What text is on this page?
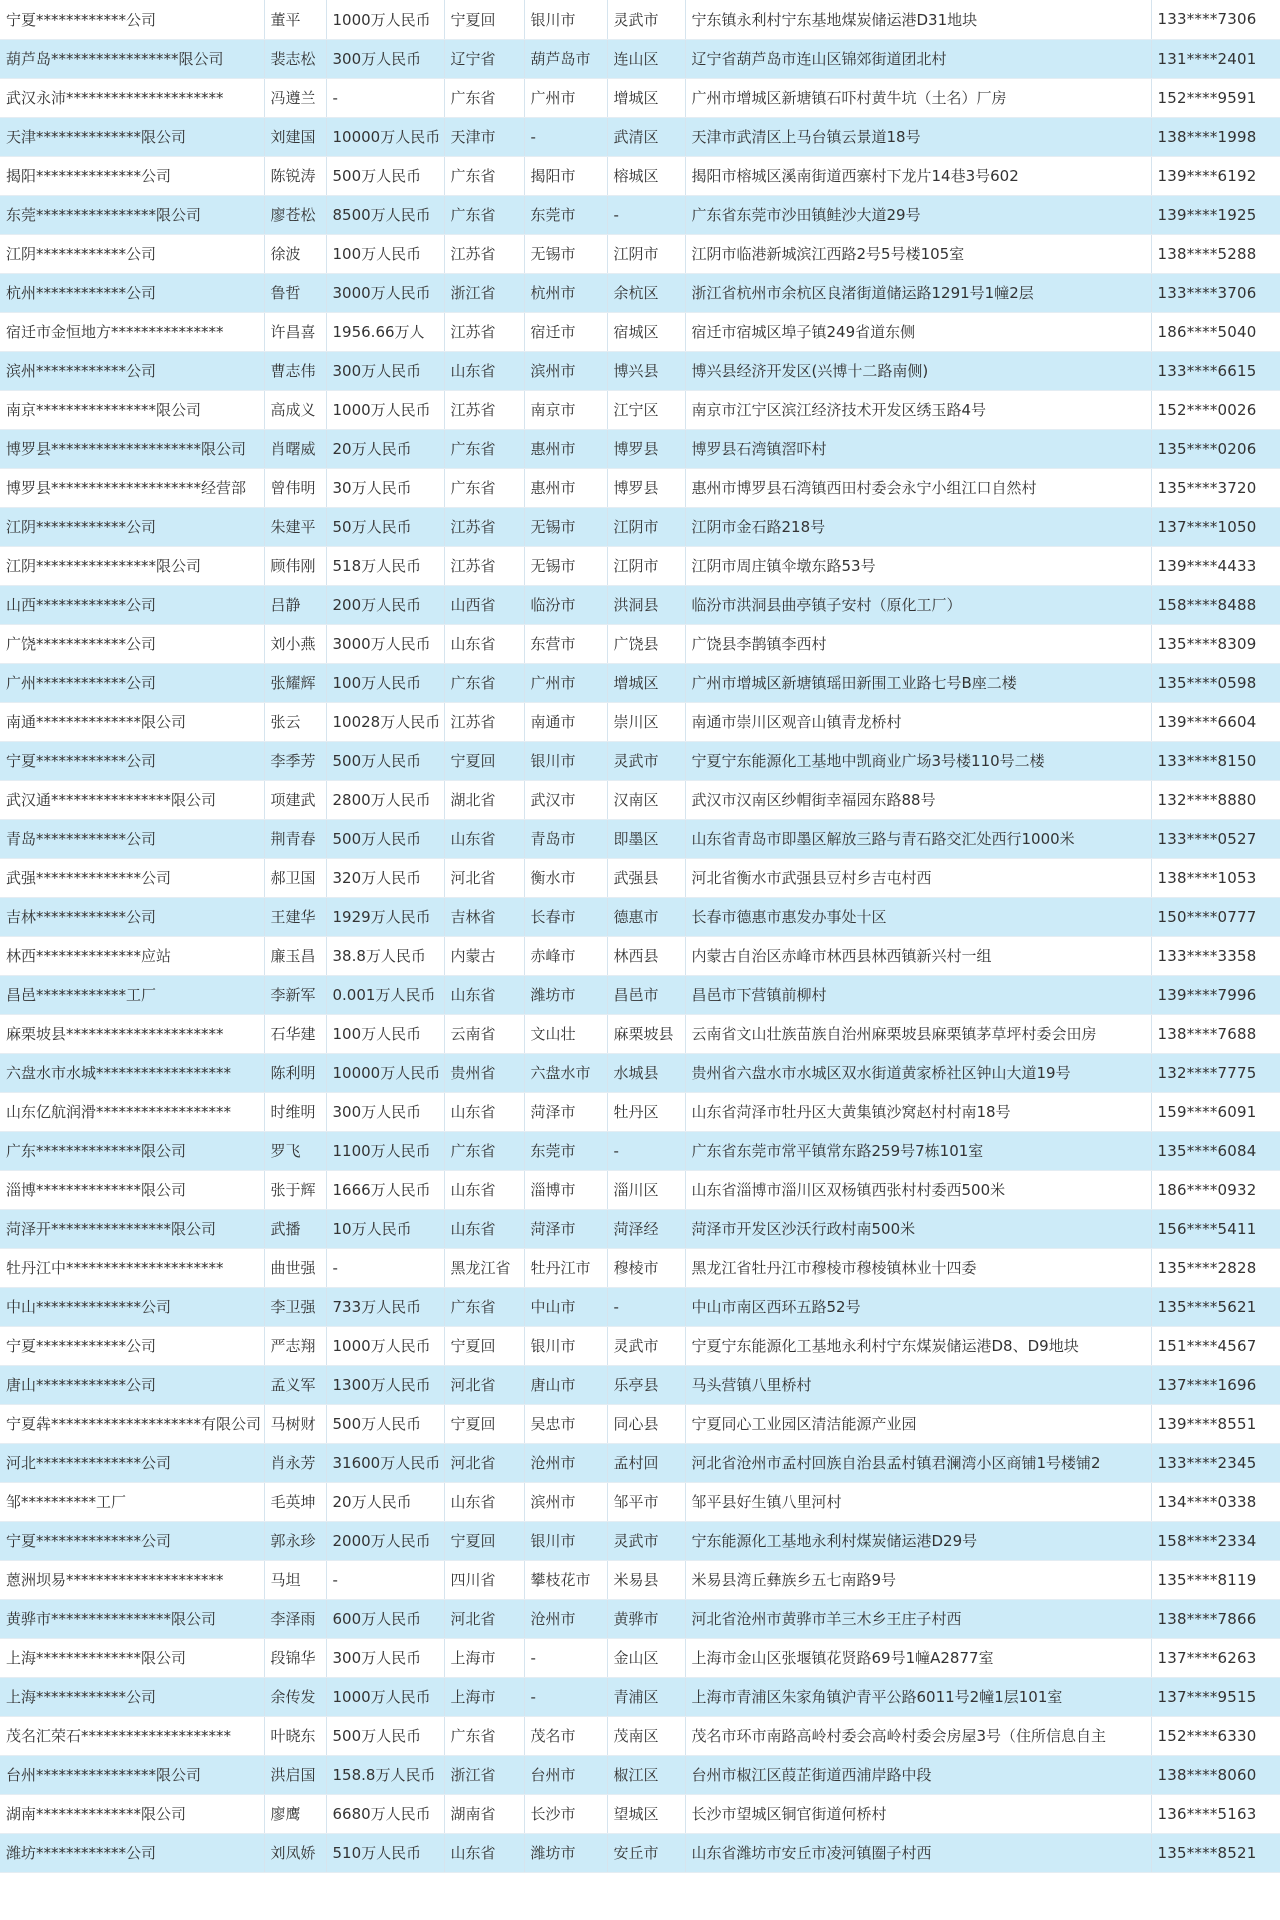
宁夏************公司	董平	1000万人民币	宁夏回	银川市	灵武市	宁东镇永利村宁东基地煤炭储运港D31地块	133****7306
葫芦岛*****************限公司	裴志松	300万人民币	辽宁省	葫芦岛市	连山区	辽宁省葫芦岛市连山区锦郊街道团北村	131****2401
武汉永沛*********************	冯遵兰	-	广东省	广州市	增城区	广州市增城区新塘镇石吓村黄牛坑（土名）厂房	152****9591
天津**************限公司	刘建国	10000万人民币	天津市	-	武清区	天津市武清区上马台镇云景道18号	138****1998
揭阳**************公司	陈锐涛	500万人民币	广东省	揭阳市	榕城区	揭阳市榕城区溪南街道西寨村下龙片14巷3号602	139****6192
东莞****************限公司	廖苍松	8500万人民币	广东省	东莞市	-	广东省东莞市沙田镇鲑沙大道29号	139****1925
江阴************公司	徐波	100万人民币	江苏省	无锡市	江阴市	江阴市临港新城滨江西路2号5号楼105室	138****5288
杭州************公司	鲁哲	3000万人民币	浙江省	杭州市	余杭区	浙江省杭州市余杭区良渚街道储运路1291号1幢2层	133****3706
宿迁市金恒地方***************	许昌喜	1956.66万人	江苏省	宿迁市	宿城区	宿迁市宿城区埠子镇249省道东侧	186****5040
滨州************公司	曹志伟	300万人民币	山东省	滨州市	博兴县	博兴县经济开发区(兴博十二路南侧)	133****6615
南京****************限公司	高成义	1000万人民币	江苏省	南京市	江宁区	南京市江宁区滨江经济技术开发区绣玉路4号	152****0026
博罗县********************限公司	肖曙威	20万人民币	广东省	惠州市	博罗县	博罗县石湾镇滘吓村	135****0206
博罗县********************经营部	曾伟明	30万人民币	广东省	惠州市	博罗县	惠州市博罗县石湾镇西田村委会永宁小组江口自然村	135****3720
江阴************公司	朱建平	50万人民币	江苏省	无锡市	江阴市	江阴市金石路218号	137****1050
江阴****************限公司	顾伟刚	518万人民币	江苏省	无锡市	江阴市	江阴市周庄镇伞墩东路53号	139****4433
山西************公司	吕静	200万人民币	山西省	临汾市	洪洞县	临汾市洪洞县曲亭镇子安村（原化工厂）	158****8488
广饶************公司	刘小燕	3000万人民币	山东省	东营市	广饶县	广饶县李鹊镇李西村	135****8309
广州************公司	张耀辉	100万人民币	广东省	广州市	增城区	广州市增城区新塘镇瑶田新围工业路七号B座二楼	135****0598
南通**************限公司	张云	10028万人民币	江苏省	南通市	崇川区	南通市崇川区观音山镇青龙桥村	139****6604
宁夏************公司	李季芳	500万人民币	宁夏回	银川市	灵武市	宁夏宁东能源化工基地中凯商业广场3号楼110号二楼	133****8150
武汉通****************限公司	项建武	2800万人民币	湖北省	武汉市	汉南区	武汉市汉南区纱帽街幸福园东路88号	132****8880
青岛************公司	荆青春	500万人民币	山东省	青岛市	即墨区	山东省青岛市即墨区解放三路与青石路交汇处西行1000米	133****0527
武强**************公司	郝卫国	320万人民币	河北省	衡水市	武强县	河北省衡水市武强县豆村乡吉屯村西	138****1053
吉林************公司	王建华	1929万人民币	吉林省	长春市	德惠市	长春市德惠市惠发办事处十区	150****0777
林西**************应站	廉玉昌	38.8万人民币	内蒙古	赤峰市	林西县	内蒙古自治区赤峰市林西县林西镇新兴村一组	133****3358
昌邑************工厂	李新军	0.001万人民币	山东省	潍坊市	昌邑市	昌邑市下营镇前柳村	139****7996
麻栗坡县*********************	石华建	100万人民币	云南省	文山壮	麻栗坡县	云南省文山壮族苗族自治州麻栗坡县麻栗镇茅草坪村委会田房	138****7688
六盘水市水城******************	陈利明	10000万人民币	贵州省	六盘水市	水城县	贵州省六盘水市水城区双水街道黄家桥社区钟山大道19号	132****7775
山东亿航润滑******************	时维明	300万人民币	山东省	菏泽市	牡丹区	山东省菏泽市牡丹区大黄集镇沙窝赵村村南18号	159****6091
广东**************限公司	罗飞	1100万人民币	广东省	东莞市	-	广东省东莞市常平镇常东路259号7栋101室	135****6084
淄博**************限公司	张于辉	1666万人民币	山东省	淄博市	淄川区	山东省淄博市淄川区双杨镇西张村村委西500米	186****0932
菏泽开****************限公司	武播	10万人民币	山东省	菏泽市	菏泽经	菏泽市开发区沙沃行政村南500米	156****5411
牡丹江中*********************	曲世强	-	黑龙江省	牡丹江市	穆棱市	黑龙江省牡丹江市穆棱市穆棱镇林业十四委	135****2828
中山**************公司	李卫强	733万人民币	广东省	中山市	-	中山市南区西环五路52号	135****5621
宁夏************公司	严志翔	1000万人民币	宁夏回	银川市	灵武市	宁夏宁东能源化工基地永利村宁东煤炭储运港D8、D9地块	151****4567
唐山************公司	孟义军	1300万人民币	河北省	唐山市	乐亭县	马头营镇八里桥村	137****1696
宁夏犇********************有限公司	马树财	500万人民币	宁夏回	吴忠市	同心县	宁夏同心工业园区清洁能源产业园	139****8551
河北**************公司	肖永芳	31600万人民币	河北省	沧州市	孟村回	河北省沧州市孟村回族自治县孟村镇君澜湾小区商铺1号楼铺2	133****2345
邹**********工厂	毛英坤	20万人民币	山东省	滨州市	邹平市	邹平县好生镇八里河村	134****0338
宁夏**************公司	郭永珍	2000万人民币	宁夏回	银川市	灵武市	宁东能源化工基地永利村煤炭储运港D29号	158****2334
蒽洲坝易*********************	马坦	-	四川省	攀枝花市	米易县	米易县湾丘彝族乡五七南路9号	135****8119
黄骅市****************限公司	李泽雨	600万人民币	河北省	沧州市	黄骅市	河北省沧州市黄骅市羊三木乡王庄子村西	138****7866
上海**************限公司	段锦华	300万人民币	上海市	-	金山区	上海市金山区张堰镇花贤路69号1幢A2877室	137****6263
上海************公司	余传发	1000万人民币	上海市	-	青浦区	上海市青浦区朱家角镇沪青平公路6011号2幢1层101室	137****9515
茂名汇荣石********************	叶晓东	500万人民币	广东省	茂名市	茂南区	茂名市环市南路高岭村委会高岭村委会房屋3号（住所信息自主	152****6330
台州****************限公司	洪启国	158.8万人民币	浙江省	台州市	椒江区	台州市椒江区葭芷街道西浦岸路中段	138****8060
湖南**************限公司	廖鹰	6680万人民币	湖南省	长沙市	望城区	长沙市望城区铜官街道何桥村	136****5163
潍坊************公司	刘凤娇	510万人民币	山东省	潍坊市	安丘市	山东省潍坊市安丘市凌河镇圈子村西	135****8521
